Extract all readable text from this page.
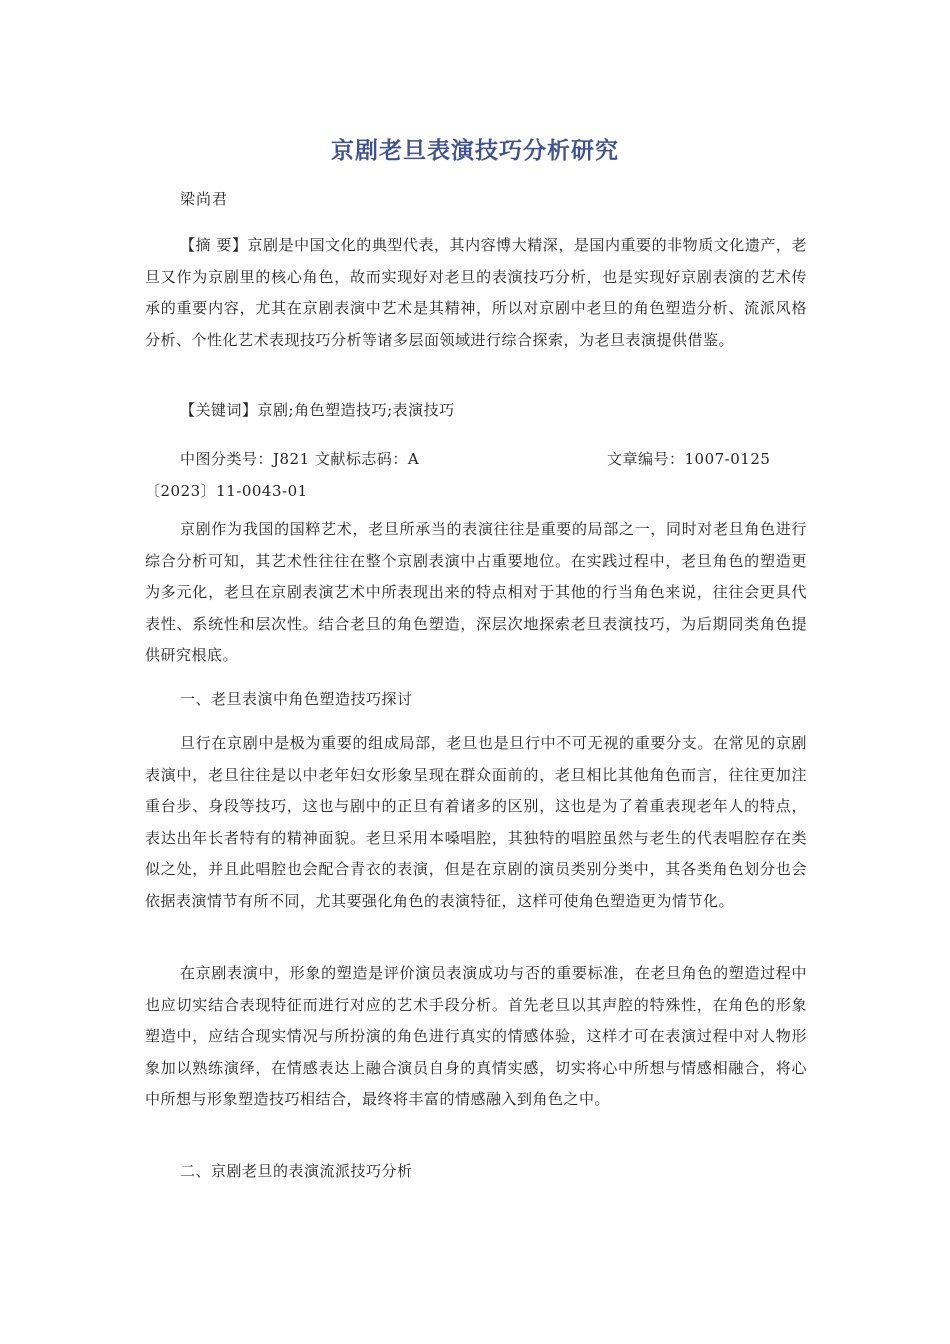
京剧老旦表演技巧分析研究
梁尚君
【摘 要】京剧是中国文化的典型代表，其内容博大精深，是国内重要的非物质文化遗产，老旦又作为京剧里的核心角色，故而实现好对老旦的表演技巧分析，也是实现好京剧表演的艺术传承的重要内容，尤其在京剧表演中艺术是其精神，所以对京剧中老旦的角色塑造分析、流派风格分析、个性化艺术表现技巧分析等诸多层面领域进行综合探索，为老旦表演提供借鉴。
【关键词】京剧;角色塑造技巧;表演技巧
中图分类号：J821 文献标志码：A	文章编号：1007-0125
〔2023〕11-0043-01
京剧作为我国的国粹艺术，老旦所承当的表演往往是重要的局部之一，同时对老旦角色进行综合分析可知，其艺术性往往在整个京剧表演中占重要地位。在实践过程中，老旦角色的塑造更为多元化，老旦在京剧表演艺术中所表现出来的特点相对于其他的行当角色来说，往往会更具代表性、系统性和层次性。结合老旦的角色塑造，深层次地探索老旦表演技巧，为后期同类角色提供研究根底。
一、老旦表演中角色塑造技巧探讨
旦行在京剧中是极为重要的组成局部，老旦也是旦行中不可无视的重要分支。在常见的京剧表演中，老旦往往是以中老年妇女形象呈现在群众面前的，老旦相比其他角色而言，往往更加注重台步、身段等技巧，这也与剧中的正旦有着诸多的区别，这也是为了着重表现老年人的特点，表达出年长者特有的精神面貌。老旦采用本嗓唱腔，其独特的唱腔虽然与老生的代表唱腔存在类似之处，并且此唱腔也会配合青衣的表演，但是在京剧的演员类别分类中，其各类角色划分也会依据表演情节有所不同，尤其要强化角色的表演特征，这样可使角色塑造更为情节化。
在京剧表演中，形象的塑造是评价演员表演成功与否的重要标准，在老旦角色的塑造过程中也应切实结合表现特征而进行对应的艺术手段分析。首先老旦以其声腔的特殊性，在角色的形象塑造中，应结合现实情况与所扮演的角色进行真实的情感体验，这样才可在表演过程中对人物形象加以熟练演绎，在情感表达上融合演员自身的真情实感，切实将心中所想与情感相融合，将心中所想与形象塑造技巧相结合，最终将丰富的情感融入到角色之中。
二、京剧老旦的表演流派技巧分析
